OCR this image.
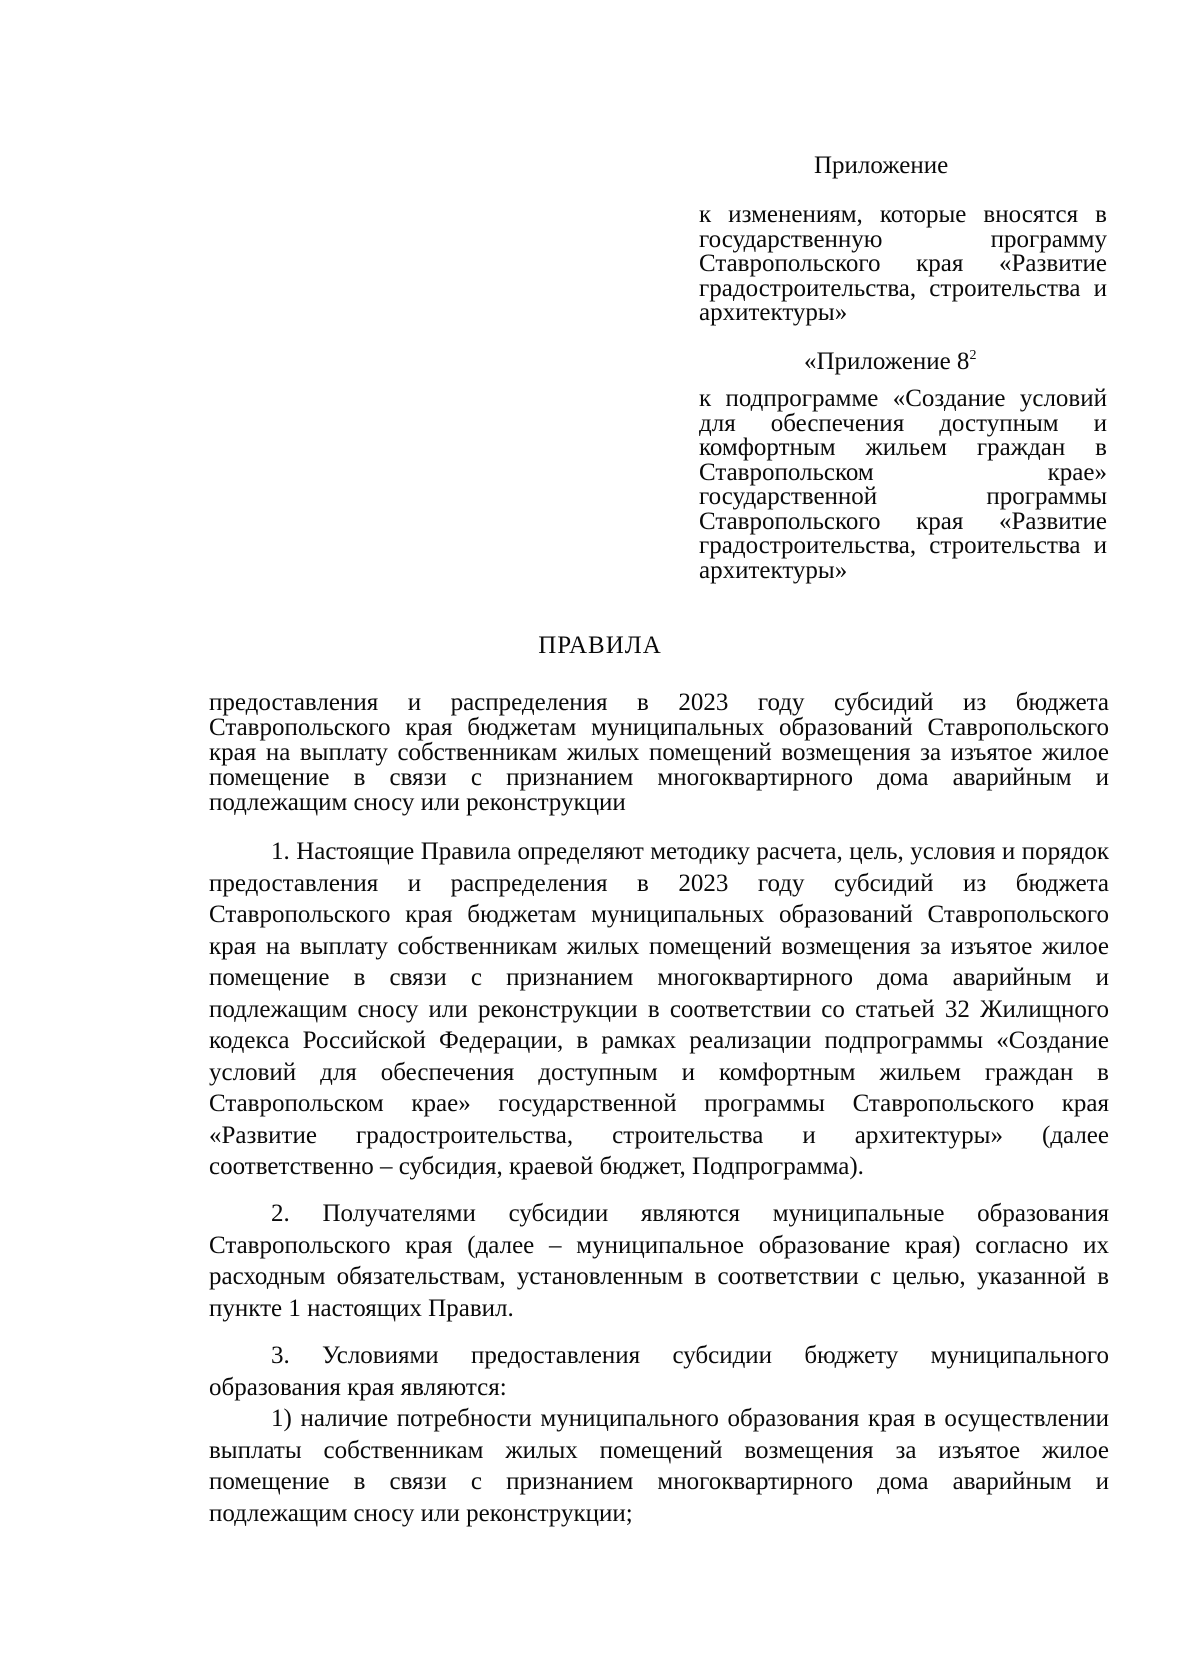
Приложение
к изменениям, которые вносятся в государственную программу Ставропольского края «Развитие градостроительства, строительства и архитектуры»
«Приложение $8^2$
к подпрограмме «Создание условий для обеспечения доступным и комфортным жильем граждан в Ставропольском крае» государственной программы Ставропольского края «Развитие градостроительства, строительства и архитектуры»
ПРАВИЛА
предоставления и распределения в 2023 году субсидий из бюджета Ставропольского края бюджетам муниципальных образований Ставропольского края на выплату собственникам жилых помещений возмещения за изъятое жилое помещение в связи с признанием многоквартирного дома аварийным и подлежащим сносу или реконструкции

1. Настоящие Правила определяют методику расчета, цель, условия и порядок предоставления и распределения в 2023 году субсидий из бюджета Ставропольского края бюджетам муниципальных образований Ставропольского края на выплату собственникам жилых помещений возмещения за изъятое жилое помещение в связи с признанием многоквартирного дома аварийным и подлежащим сносу или реконструкции в соответствии со статьей 32 Жилищного кодекса Российской Федерации, в рамках реализации подпрограммы «Создание условий для обеспечения доступным и комфортным жильем граждан в Ставропольском крае» государственной программы Ставропольского края «Развитие градостроительства, строительства и архитектуры» (далее соответственно – субсидия, краевой бюджет, Подпрограмма).

2. Получателями субсидии являются муниципальные образования Ставропольского края (далее – муниципальное образование края) согласно их расходным обязательствам, установленным в соответствии с целью, указанной в пункте 1 настоящих Правил.

3. Условиями предоставления субсидии бюджету муниципального образования края являются:

1) наличие потребности муниципального образования края в осуществлении выплаты собственникам жилых помещений возмещения за изъятое жилое помещение в связи с признанием многоквартирного дома аварийным и подлежащим сносу или реконструкции;
